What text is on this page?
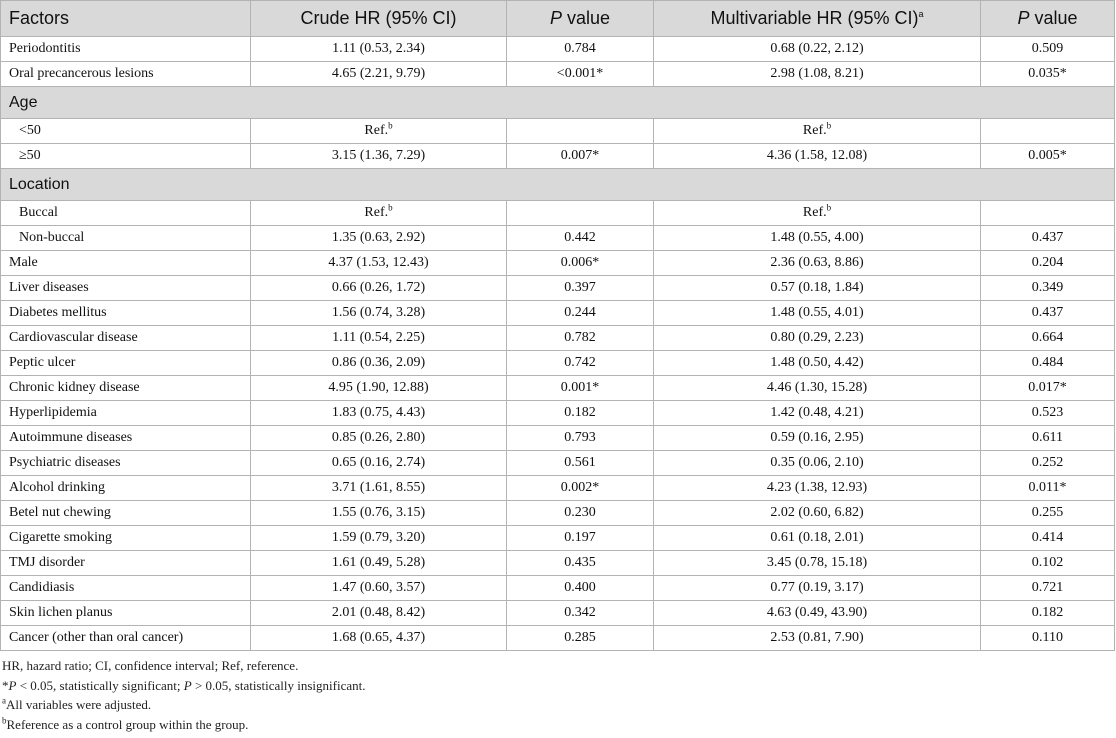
Factors	Crude HR (95% CI)	P value	Multivariable HR (95% CI)$^a$	P value
Periodontitis	1.11 (0.53, 2.34)	0.784	0.68 (0.22, 2.12)	0.509
Oral precancerous lesions	4.65 (2.21, 9.79)	<0.001*	2.98 (1.08, 8.21)	0.035*
Age				
<50	Ref.$^b$		Ref.$^b$	
≥50	3.15 (1.36, 7.29)	0.007*	4.36 (1.58, 12.08)	0.005*
Location				
Buccal	Ref.$^b$		Ref.$^b$	
Non-buccal	1.35 (0.63, 2.92)	0.442	1.48 (0.55, 4.00)	0.437
Male	4.37 (1.53, 12.43)	0.006*	2.36 (0.63, 8.86)	0.204
Liver diseases	0.66 (0.26, 1.72)	0.397	0.57 (0.18, 1.84)	0.349
Diabetes mellitus	1.56 (0.74, 3.28)	0.244	1.48 (0.55, 4.01)	0.437
Cardiovascular disease	1.11 (0.54, 2.25)	0.782	0.80 (0.29, 2.23)	0.664
Peptic ulcer	0.86 (0.36, 2.09)	0.742	1.48 (0.50, 4.42)	0.484
Chronic kidney disease	4.95 (1.90, 12.88)	0.001*	4.46 (1.30, 15.28)	0.017*
Hyperlipidemia	1.83 (0.75, 4.43)	0.182	1.42 (0.48, 4.21)	0.523
Autoimmune diseases	0.85 (0.26, 2.80)	0.793	0.59 (0.16, 2.95)	0.611
Psychiatric diseases	0.65 (0.16, 2.74)	0.561	0.35 (0.06, 2.10)	0.252
Alcohol drinking	3.71 (1.61, 8.55)	0.002*	4.23 (1.38, 12.93)	0.011*
Betel nut chewing	1.55 (0.76, 3.15)	0.230	2.02 (0.60, 6.82)	0.255
Cigarette smoking	1.59 (0.79, 3.20)	0.197	0.61 (0.18, 2.01)	0.414
TMJ disorder	1.61 (0.49, 5.28)	0.435	3.45 (0.78, 15.18)	0.102
Candidiasis	1.47 (0.60, 3.57)	0.400	0.77 (0.19, 3.17)	0.721
Skin lichen planus	2.01 (0.48, 8.42)	0.342	4.63 (0.49, 43.90)	0.182
Cancer (other than oral cancer)	1.68 (0.65, 4.37)	0.285	2.53 (0.81, 7.90)	0.110
HR, hazard ratio; CI, confidence interval; Ref, reference.
*P < 0.05, statistically significant; P > 0.05, statistically insignificant.
$^a$All variables were adjusted.
$^b$Reference as a control group within the group.
